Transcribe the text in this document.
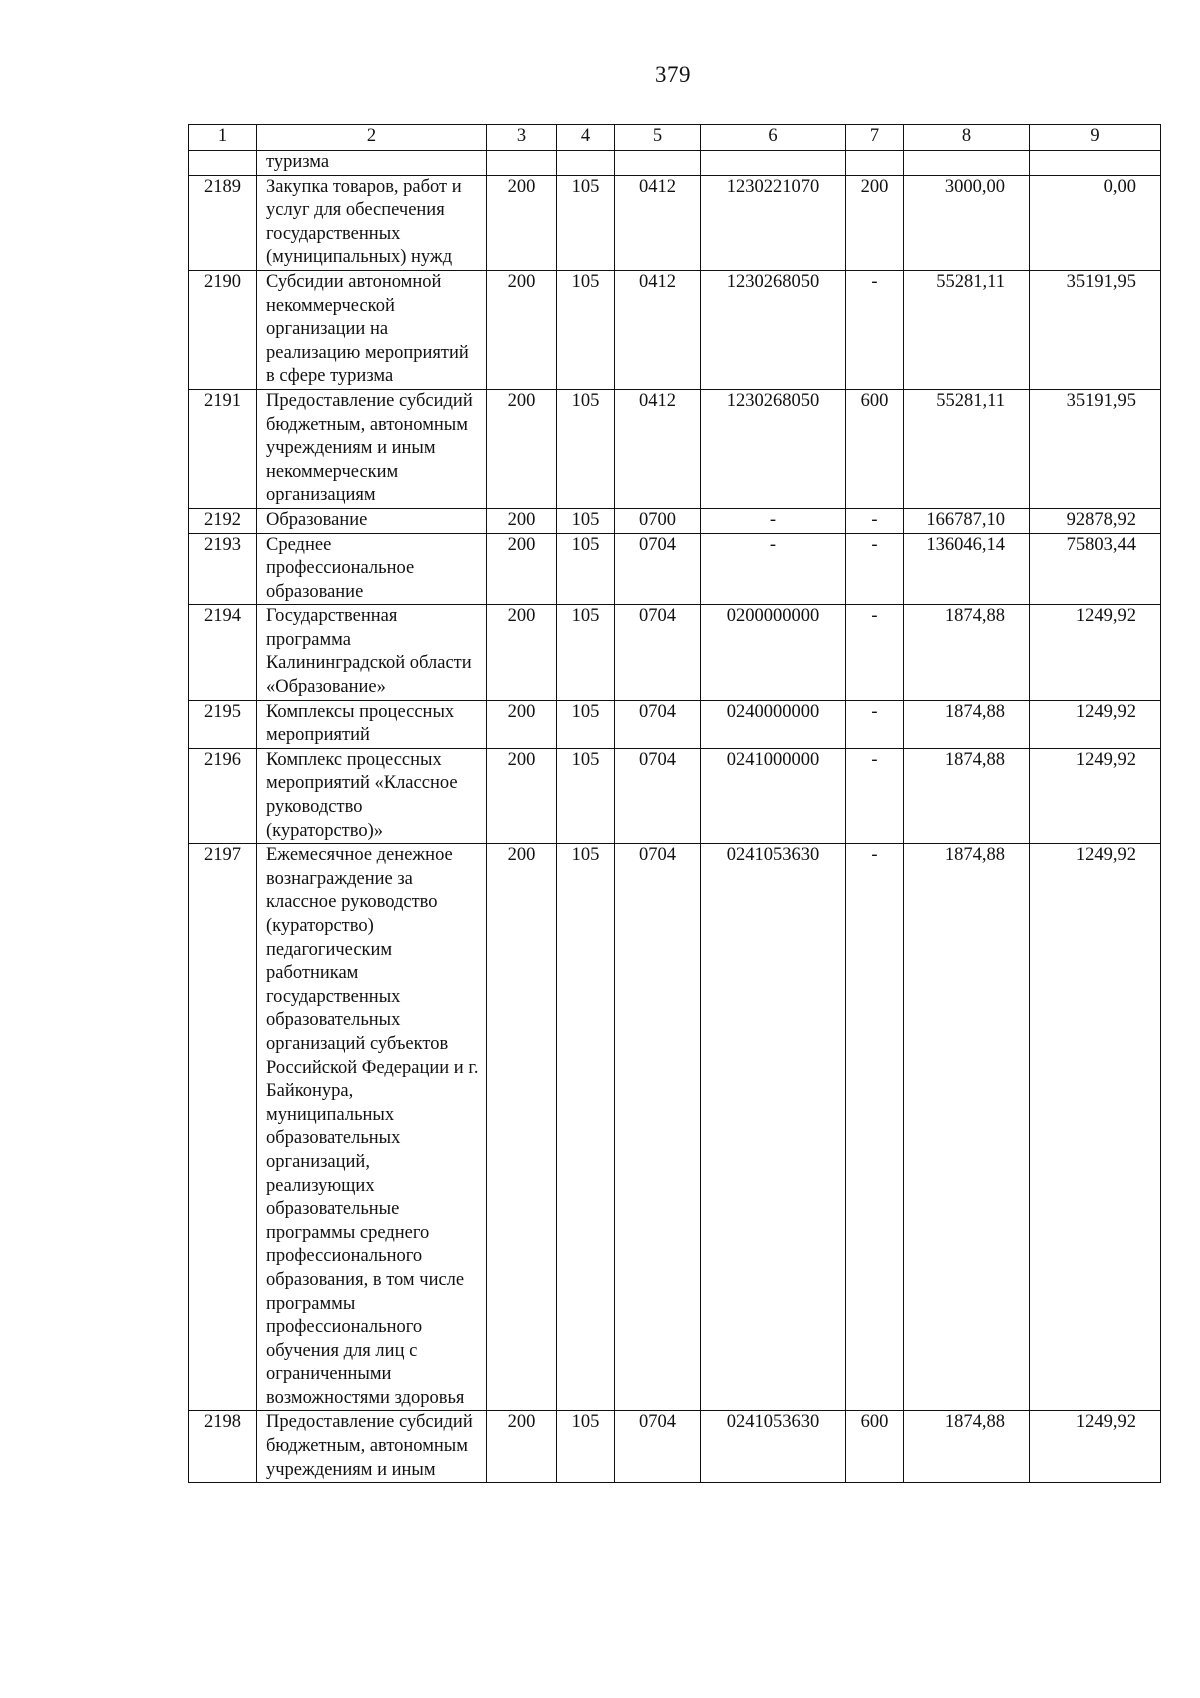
379
1	2	3	4	5	6	7	8	9
	туризма							
2189	Закупка товаров, работ и услуг для обеспечения государственных (муниципальных) нужд	200	105	0412	1230221070	200	3000,00	0,00
2190	Субсидии автономной некоммерческой организации на реализацию мероприятий в сфере туризма	200	105	0412	1230268050	-	55281,11	35191,95
2191	Предоставление субсидий бюджетным, автономным учреждениям и иным некоммерческим организациям	200	105	0412	1230268050	600	55281,11	35191,95
2192	Образование	200	105	0700	-	-	166787,10	92878,92
2193	Среднее профессиональное образование	200	105	0704	-	-	136046,14	75803,44
2194	Государственная программа Калининградской области «Образование»	200	105	0704	0200000000	-	1874,88	1249,92
2195	Комплексы процессных мероприятий	200	105	0704	0240000000	-	1874,88	1249,92
2196	Комплекс процессных мероприятий «Классное руководство (кураторство)»	200	105	0704	0241000000	-	1874,88	1249,92
2197	Ежемесячное денежное вознаграждение за классное руководство (кураторство) педагогическим работникам государственных образовательных организаций субъектов Российской Федерации и г. Байконура, муниципальных образовательных организаций, реализующих образовательные программы среднего профессионального образования, в том числе программы профессионального обучения для лиц с ограниченными возможностями здоровья	200	105	0704	0241053630	-	1874,88	1249,92
2198	Предоставление субсидий бюджетным, автономным учреждениям и иным	200	105	0704	0241053630	600	1874,88	1249,92
